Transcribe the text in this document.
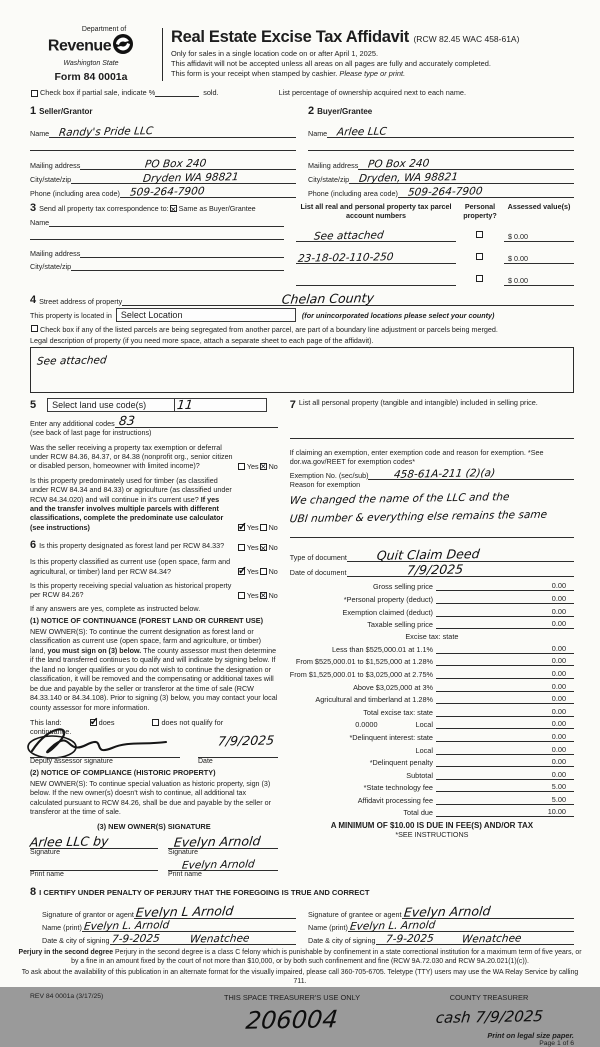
Department of
Revenue
Washington State
Form 84 0001a
Real Estate Excise Tax Affidavit (RCW 82.45 WAC 458-61A)
Only for sales in a single location code on or after April 1, 2025.
This affidavit will not be accepted unless all areas on all pages are fully and accurately completed.
This form is your receipt when stamped by cashier. Please type or print.
Check box if partial sale, indicate %	sold.	List percentage of ownership acquired next to each name.
1 Seller/Grantor
Name Randy's Pride LLC
Mailing address	PO Box 240
City/state/zip	Dryden WA 98821
Phone (including area code) 509-264-7900
2 Buyer/Grantee
Name Arlee LLC
Mailing address PO Box 240
City/state/zip Dryden, WA 98821
Phone (including area code) 509-264-7900
3 Send all property tax correspondence to: ✕ Same as Buyer/Grantee
Name
Mailing address
City/state/zip
List all real and personal property tax parcel account numbers
Personal property?
Assessed value(s)
See attached	$ 0.00
23-18-02-110-250	$ 0.00
$ 0.00
4 Street address of property	Chelan County
This property is located in	Select Location	(for unincorporated locations please select your county)
Check box if any of the listed parcels are being segregated from another parcel, are part of a boundary line adjustment or parcels being merged.
Legal description of property (if you need more space, attach a separate sheet to each page of the affidavit).
See attached
5	Select land use code(s)	11

Enter any additional codes 83
(see back of last page for instructions)
Was the seller receiving a property tax exemption or deferral under RCW 84.36, 84.37, or 84.38 (nonprofit org., senior citizen or disabled person, homeowner with limited income)?	Yes ✕ No
Is this property predominately used for timber (as classified under RCW 84.34 and 84.33) or agriculture (as classified under RCW 84.34.020) and will continue in it's current use? If yes and the transfer involves multiple parcels with different classifications, complete the predominate use calculator (see instructions) ✓	Yes No
6 Is this property designated as forest land per RCW 84.33?	Yes ✕ No
Is this property classified as current use (open space, farm and agricultural, or timber) land per RCW 84.34? ✓	Yes No
Is this property receiving special valuation as historical property per RCW 84.26?	Yes ✕ No
If any answers are yes, complete as instructed below.
(1) NOTICE OF CONTINUANCE (FOREST LAND OR CURRENT USE)
NEW OWNER(S): To continue the current designation as forest land or classification as current use (open space, farm and agriculture, or timber) land, you must sign on (3) below. The county assessor must then determine if the land transferred continues to qualify and will indicate by signing below. If the land no longer qualifies or you do not wish to continue the designation or classification, it will be removed and the compensating or additional taxes will be due and payable by the seller or transferor at the time of sale (RCW 84.33.140 or 84.34.108). Prior to signing (3) below, you may contact your local county assessor for more information.
This land: ✓	does	does not qualify for
continuance.
7/9/2025
Deputy assessor signature	Date
(2) NOTICE OF COMPLIANCE (HISTORIC PROPERTY)
NEW OWNER(S): To continue special valuation as historic property, sign (3) below. If the new owner(s) doesn't wish to continue, all additional tax calculated pursuant to RCW 84.26, shall be due and payable by the seller or transferor at the time of sale.
(3) NEW OWNER(S) SIGNATURE
Arlee LLC by	Evelyn Arnold
Signature	Signature
Evelyn Arnold
Print name	Print name
7 List all personal property (tangible and intangible) included in selling price.
If claiming an exemption, enter exemption code and reason for exemption. *See dor.wa.gov/REET for exemption codes*
Exemption No. (sec/sub) 458-61A-211 (2)(a)
Reason for exemption
We changed the name of the LLC and the UBI number & everything else remains the same
Type of document Quit Claim Deed
Date of document	7/9/2025
Gross selling price	0.00
*Personal property (deduct)	0.00
Exemption claimed (deduct)	0.00
Taxable selling price	0.00
Excise tax: state
Less than $525,000.01 at 1.1%	0.00
From $525,000.01 to $1,525,000 at 1.28%	0.00
From $1,525,000.01 to $3,025,000 at 2.75%	0.00
Above $3,025,000 at 3%	0.00
Agricultural and timberland at 1.28%	0.00
Total excise tax: state	0.00
0.0000	Local	0.00
*Delinquent interest: state	0.00
Local	0.00
*Delinquent penalty	0.00
Subtotal	0.00
*State technology fee	5.00
Affidavit processing fee	5.00
Total due	10.00
A MINIMUM OF $10.00 IS DUE IN FEE(S) AND/OR TAX
*SEE INSTRUCTIONS
8 I CERTIFY UNDER PENALTY OF PERJURY THAT THE FOREGOING IS TRUE AND CORRECT
Signature of grantor or agent Evelyn L Arnold
Name (print) Evelyn L. Arnold
Date & city of signing 7-9-2025	Wenatchee
Signature of grantee or agent Evelyn Arnold
Name (print) Evelyn L. Arnold
Date & city of signing 7-9-2025	Wenatchee
Perjury in the second degree Perjury in the second degree is a class C felony which is punishable by confinement in a state correctional institution for a maximum term of five years, or by a fine in an amount fixed by the court of not more than $10,000, or by both such confinement and fine (RCW 9A.72.030 and RCW 9A.20.021(1)(c)).
To ask about the availability of this publication in an alternate format for the visually impaired, please call 360-705-6705. Teletype (TTY) users may use the WA Relay Service by calling 711.
REV 84 0001a (3/17/25)	THIS SPACE TREASURER'S USE ONLY
206004
COUNTY TREASURER
cash 7/9/2025
Print on legal size paper.
Page 1 of 6
